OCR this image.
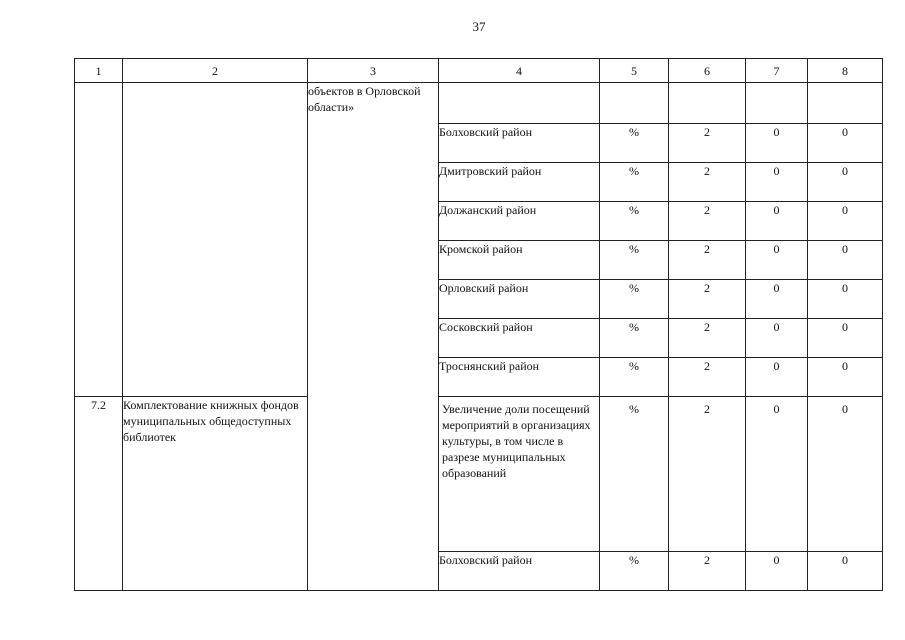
37
1	2	3	4	5	6	7	8
		объектов в Орловской области»					
			Болховский район	%	2	0	0
			Дмитровский район	%	2	0	0
			Должанский район	%	2	0	0
			Кромской район	%	2	0	0
			Орловский район	%	2	0	0
			Сосковский район	%	2	0	0
			Троснянский район	%	2	0	0
7.2	Комплектование книжных фондов муниципальных общедоступных библиотек		Увеличение доли посещений мероприятий в организациях культуры, в том числе в разрезе муниципальных образований	%	2	0	0
			Болховский район	%	2	0	0
